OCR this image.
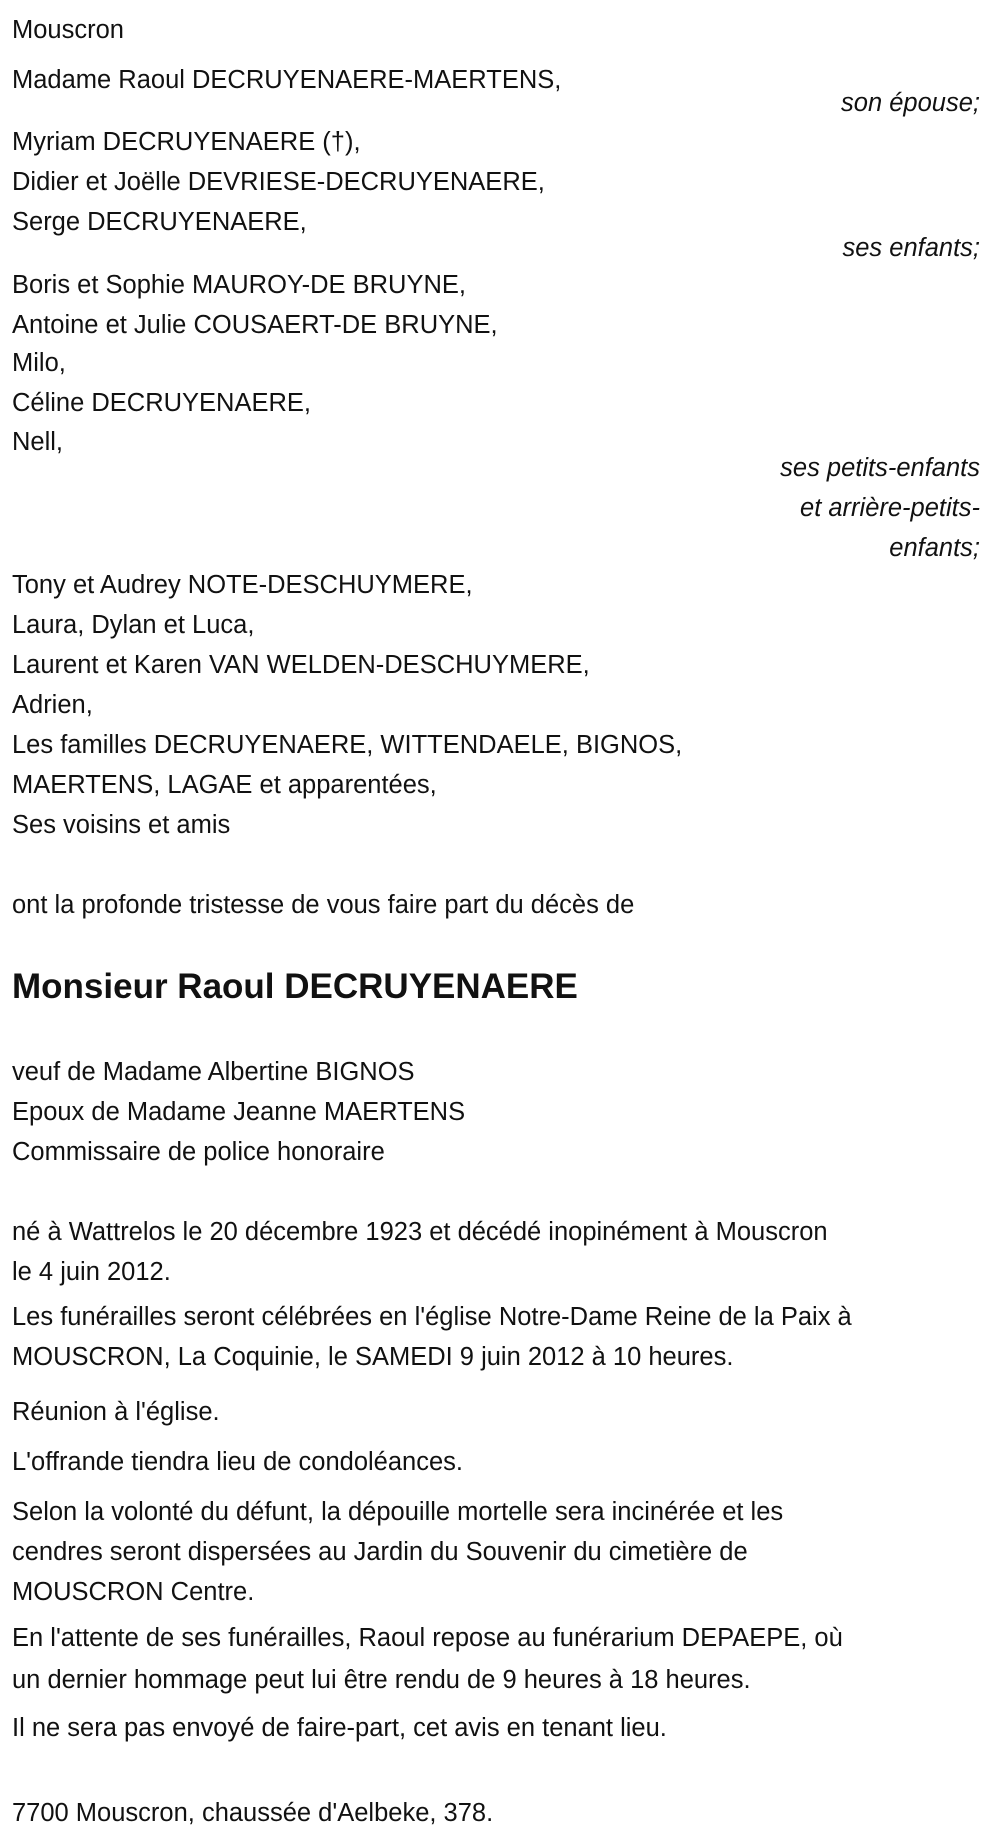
Mouscron
Madame Raoul DECRUYENAERE-MAERTENS,
son épouse;
Myriam DECRUYENAERE (†),
Didier et Joëlle DEVRIESE-DECRUYENAERE,
Serge DECRUYENAERE,
ses enfants;
Boris et Sophie MAUROY-DE BRUYNE,
Antoine et Julie COUSAERT-DE BRUYNE,
Milo,
Céline DECRUYENAERE,
Nell,
ses petits-enfants
et arrière-petits-
enfants;
Tony et Audrey NOTE-DESCHUYMERE,
Laura, Dylan et Luca,
Laurent et Karen VAN WELDEN-DESCHUYMERE,
Adrien,
Les familles DECRUYENAERE, WITTENDAELE, BIGNOS,
MAERTENS, LAGAE et apparentées,
Ses voisins et amis
ont la profonde tristesse de vous faire part du décès de
Monsieur Raoul DECRUYENAERE
veuf de Madame Albertine BIGNOS
Epoux de Madame Jeanne MAERTENS
Commissaire de police honoraire
né à Wattrelos le 20 décembre 1923 et décédé inopinément à Mouscron
le 4 juin 2012.
Les funérailles seront célébrées en l'église Notre-Dame Reine de la Paix à
MOUSCRON, La Coquinie, le SAMEDI 9 juin 2012 à 10 heures.
Réunion à l'église.
L'offrande tiendra lieu de condoléances.
Selon la volonté du défunt, la dépouille mortelle sera incinérée et les
cendres seront dispersées au Jardin du Souvenir du cimetière de
MOUSCRON Centre.
En l'attente de ses funérailles, Raoul repose au funérarium DEPAEPE, où
un dernier hommage peut lui être rendu de 9 heures à 18 heures.
Il ne sera pas envoyé de faire-part, cet avis en tenant lieu.
7700 Mouscron, chaussée d'Aelbeke, 378.
